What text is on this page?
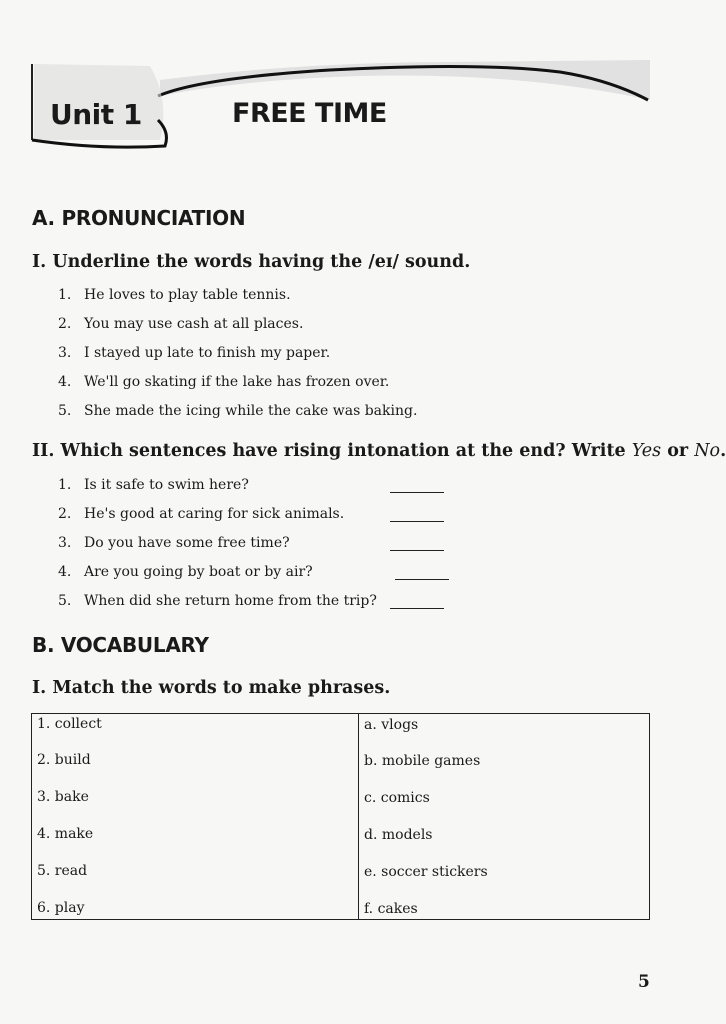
Unit 1	FREE TIME
A. PRONUNCIATION
I. Underline the words having the /eɪ/ sound.
1. He loves to play table tennis.
2. You may use cash at all places.
3. I stayed up late to finish my paper.
4. We'll go skating if the lake has frozen over.
5. She made the icing while the cake was baking.
II. Which sentences have rising intonation at the end? Write Yes or No.
1. Is it safe to swim here?
2. He's good at caring for sick animals.
3. Do you have some free time?
4. Are you going by boat or by air?
5. When did she return home from the trip?
B. VOCABULARY
I. Match the words to make phrases.
1. collect
2. build
3. bake
4. make
5. read
6. play
a. vlogs
b. mobile games
c. comics
d. models
e. soccer stickers
f. cakes
5
